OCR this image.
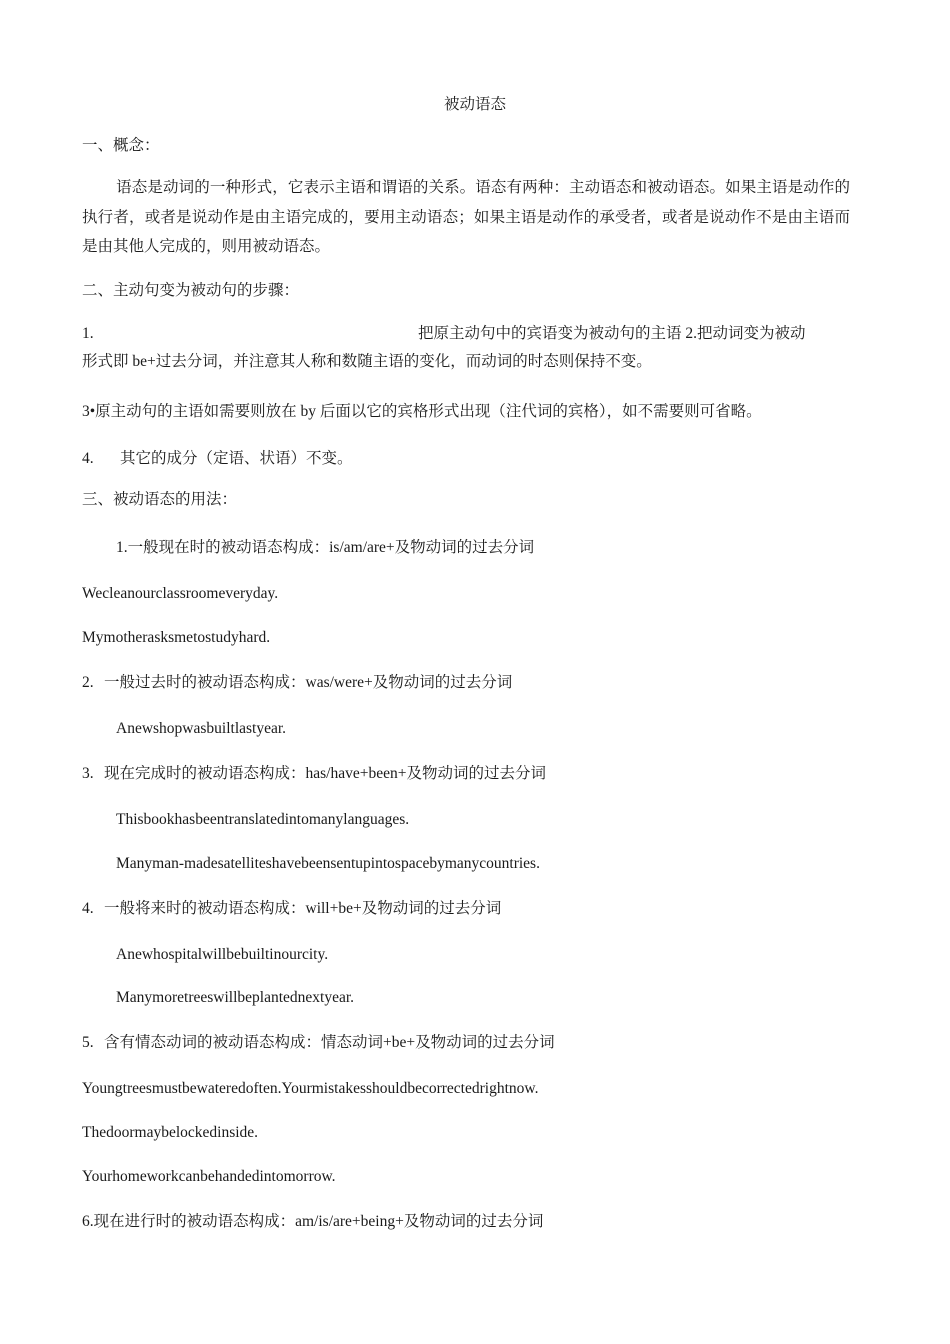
被动语态
一、概念：
语态是动词的一种形式，它表示主语和谓语的关系。语态有两种：主动语态和被动语态。如果主语是动作的执行者，或者是说动作是由主语完成的，要用主动语态；如果主语是动作的承受者，或者是说动作不是由主语而是由其他人完成的，则用被动语态。
二、主动句变为被动句的步骤：
1.	把原主动句中的宾语变为被动句的主语 2.把动词变为被动
形式即 be+过去分词，并注意其人称和数随主语的变化，而动词的时态则保持不变。
3•原主动句的主语如需要则放在 by 后面以它的宾格形式出现（注代词的宾格），如不需要则可省略。
4. 其它的成分（定语、状语）不变。
三、被动语态的用法：
1.一般现在时的被动语态构成：is/am/are+及物动词的过去分词
Wecleanourclassroomeveryday.
Mymotherasksmetostudyhard.
2. 一般过去时的被动语态构成：was/were+及物动词的过去分词
Anewshopwasbuiltlastyear.
3. 现在完成时的被动语态构成：has/have+been+及物动词的过去分词
Thisbookhasbeentranslatedintomanylanguages.
Manyman-madesatelliteshavebeensentupintospacebymanycountries.
4. 一般将来时的被动语态构成：will+be+及物动词的过去分词
Anewhospitalwillbebuiltinourcity.
Manymoretreeswillbeplantednextyear.
5. 含有情态动词的被动语态构成：情态动词+be+及物动词的过去分词
Youngtreesmustbewateredoften.Yourmistakesshouldbecorrectedrightnow.
Thedoormaybelockedinside.
Yourhomeworkcanbehandedintomorrow.
6.现在进行时的被动语态构成：am/is/are+being+及物动词的过去分词
